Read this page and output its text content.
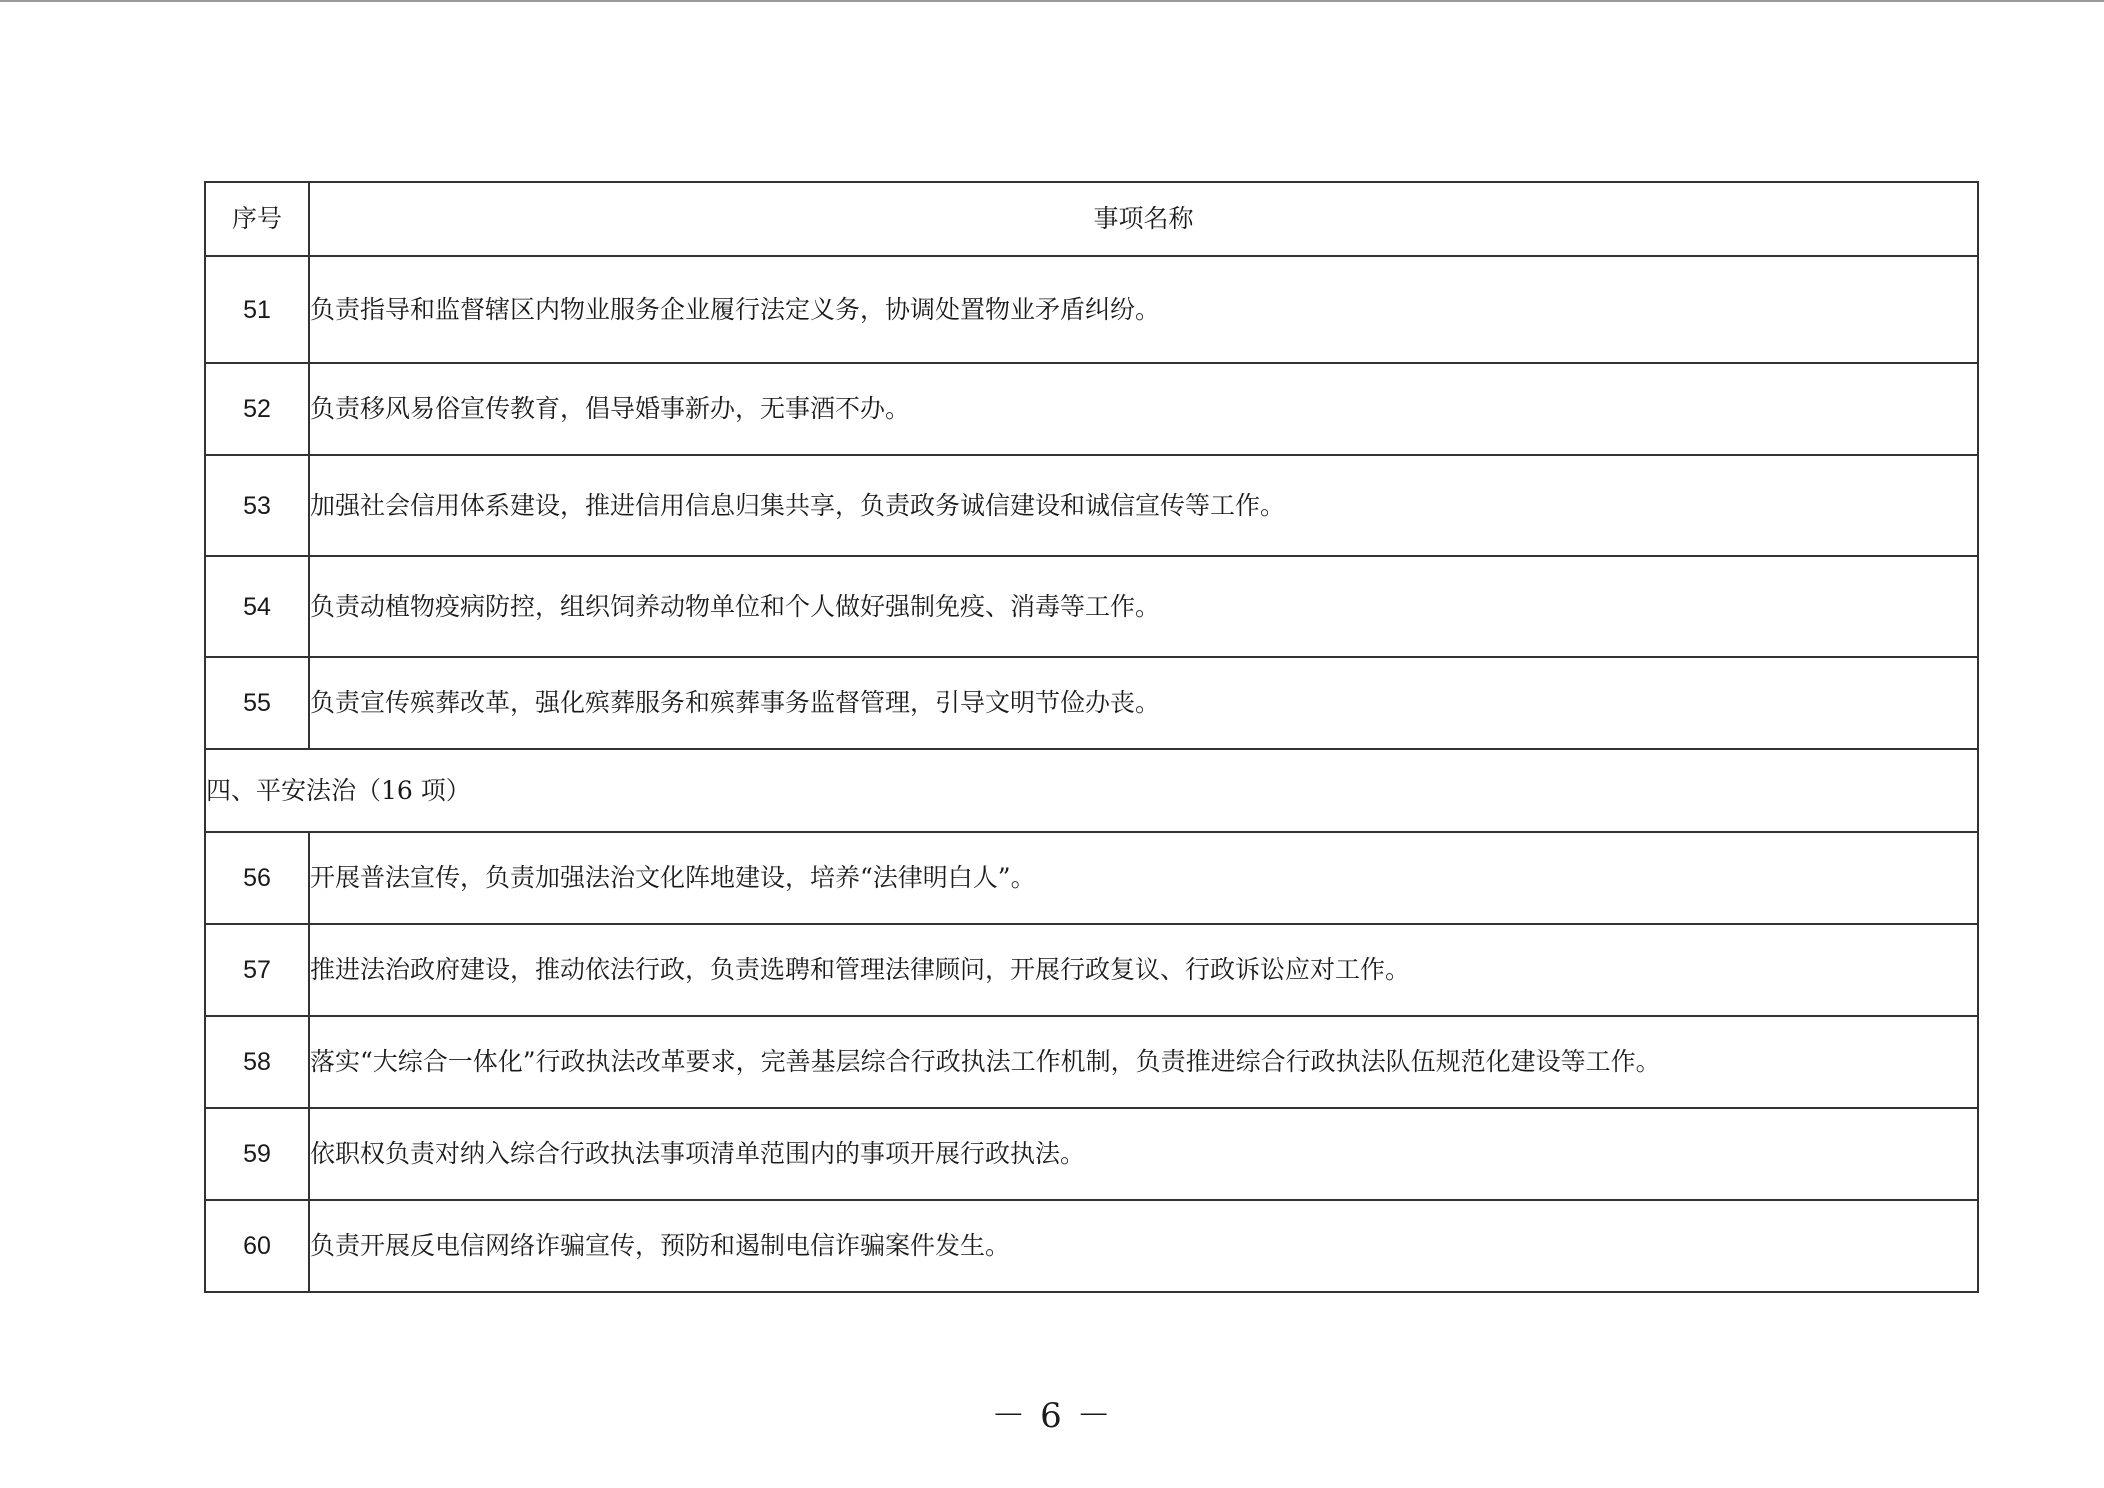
序号	事项名称
51	负责指导和监督辖区内物业服务企业履行法定义务，协调处置物业矛盾纠纷。
52	负责移风易俗宣传教育，倡导婚事新办，无事酒不办。
53	加强社会信用体系建设，推进信用信息归集共享，负责政务诚信建设和诚信宣传等工作。
54	负责动植物疫病防控，组织饲养动物单位和个人做好强制免疫、消毒等工作。
55	负责宣传殡葬改革，强化殡葬服务和殡葬事务监督管理，引导文明节俭办丧。
四、平安法治（16 项）	
56	开展普法宣传，负责加强法治文化阵地建设，培养“法律明白人”。
57	推进法治政府建设，推动依法行政，负责选聘和管理法律顾问，开展行政复议、行政诉讼应对工作。
58	落实“大综合一体化”行政执法改革要求，完善基层综合行政执法工作机制，负责推进综合行政执法队伍规范化建设等工作。
59	依职权负责对纳入综合行政执法事项清单范围内的事项开展行政执法。
60	负责开展反电信网络诈骗宣传，预防和遏制电信诈骗案件发生。
－ 6 －
